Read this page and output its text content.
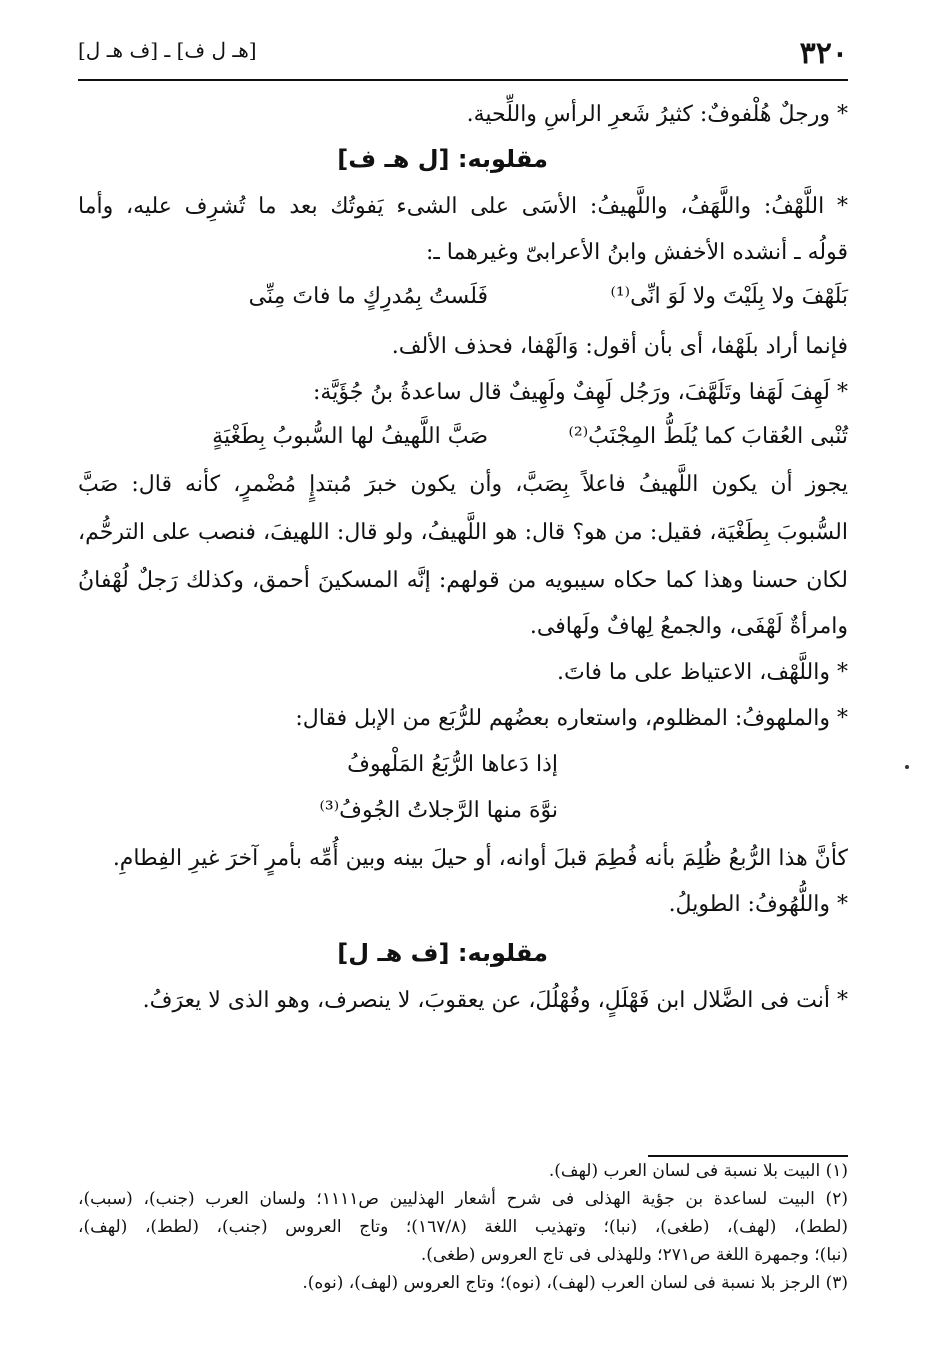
٣٢٠
[هـ ل ف] ـ [ف هـ ل]
* ورجلٌ هُلْفوفٌ: كثيرُ شَعرِ الرأسِ واللِّحية.
مقلوبه: [ل هـ ف]
* اللَّهْفُ: واللَّهَفُ، واللَّهيفُ: الأسَى على الشىء يَفوتُك بعد ما تُشرِف عليه، وأما
قولُه ـ أنشده الأخفش وابنُ الأعرابىّ وغيرهما ـ:
بَلَهْفَ ولا بِلَيْتَ ولا لَوَ انِّى⁽¹⁾
فَلَستُ بِمُدرِكٍ ما فاتَ مِنِّى
فإنما أراد بلَهْفا، أى بأن أقول: وَالَهْفا، فحذف الألف.
* لَهِفَ لَهَفا وتَلَهَّفَ، ورَجُل لَهِفٌ ولَهِيفٌ قال ساعدةُ بنُ جُؤَيَّة:
تُنْبى العُقابَ كما يُلَطُّ المِجْنَبُ⁽²⁾
صَبَّ اللَّهيفُ لها السُّبوبُ بِطَغْيَةٍ
يجوز أن يكون اللَّهيفُ فاعلاً بِصَبَّ، وأن يكون خبرَ مُبتدإٍ مُضْمرٍ، كأنه قال: صَبَّ
السُّبوبَ بِطَغْيَة، فقيل: من هو؟ قال: هو اللَّهيفُ، ولو قال: اللهيفَ، فنصب على الترحُّم،
لكان حسنا وهذا كما حكاه سيبويه من قولهم: إنَّه المسكينَ أحمق، وكذلك رَجلٌ لُهْفانُ
وامرأةٌ لَهْفَى، والجمعُ لِهافٌ ولَهافى.
* واللَّهْف، الاعتياظ على ما فاتَ.
* والملهوفُ: المظلوم، واستعاره بعضُهم للرُّبَع من الإبل فقال:
إذا دَعاها الرُّبَعُ المَلْهوفُ
نوَّهَ منها الرَّجلاتُ الجُوفُ⁽³⁾
كأنَّ هذا الرُّبعُ ظُلِمَ بأنه فُطِمَ قبلَ أوانه، أو حيلَ بينه وبين أُمِّه بأمرٍ آخرَ غيرِ الفِطامِ.
* واللُّهُوفُ: الطويلُ.
مقلوبه: [ف هـ ل]
* أنت فى الضَّلال ابن فَهْلَلٍ، وفُهْلُلَ، عن يعقوبَ، لا ينصرف، وهو الذى لا يعرَفُ.
(١) البيت بلا نسبة فى لسان العرب (لهف).
(٢) البيت لساعدة بن جؤية الهذلى فى شرح أشعار الهذليين ص١١١١؛ ولسان العرب (جنب)، (سبب)،
(لطط)، (لهف)، (طغى)، (نبا)؛ وتهذيب اللغة (١٦٧/٨)؛ وتاج العروس (جنب)، (لطط)، (لهف)،
(نبا)؛ وجمهرة اللغة ص٢٧١؛ وللهذلى فى تاج العروس (طغى).
(٣) الرجز بلا نسبة فى لسان العرب (لهف)، (نوه)؛ وتاج العروس (لهف)، (نوه).
